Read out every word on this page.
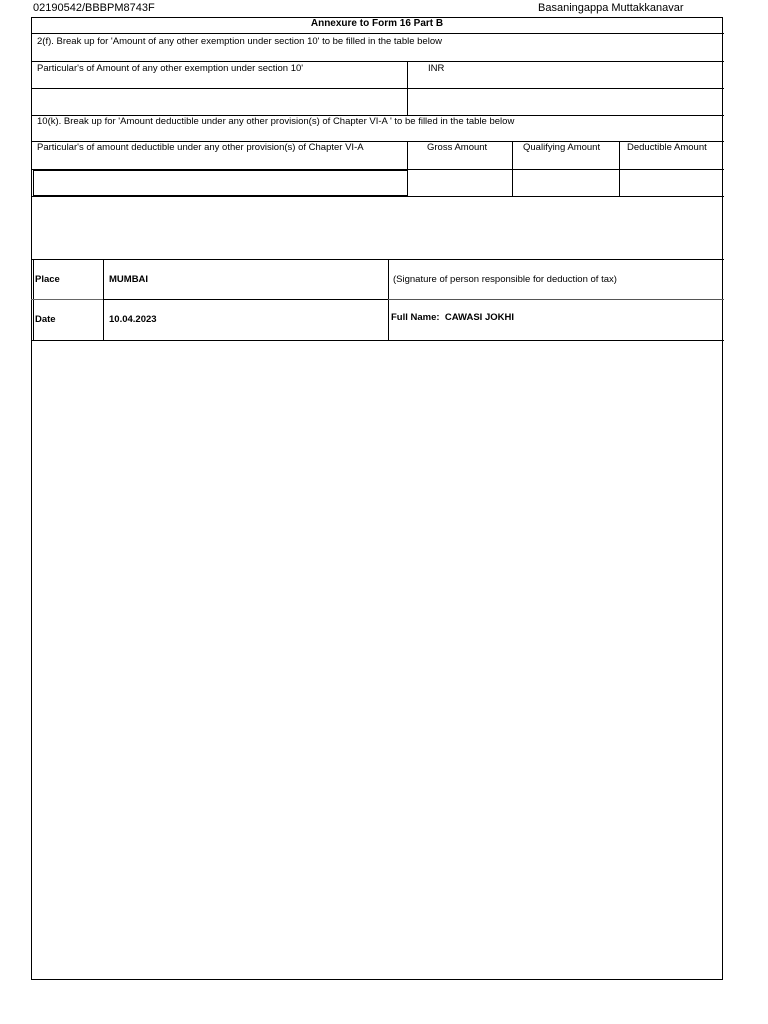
02190542/BBBPM8743F	Basaningappa Muttakkanavar
Annexure to Form 16 Part B
2(f). Break up for 'Amount of any other exemption under section 10' to be filled in the table below
Particular's of Amount of any other exemption under section 10'	INR
10(k). Break up for 'Amount deductible under any other provision(s) of Chapter VI-A ' to be filled in the table below
Particular's of amount deductible under any other provision(s) of Chapter VI-A	Gross Amount	Qualifying Amount	Deductible Amount
Place	MUMBAI	(Signature of person responsible for deduction of tax)
Date	10.04.2023	Full Name: CAWASI JOKHI
